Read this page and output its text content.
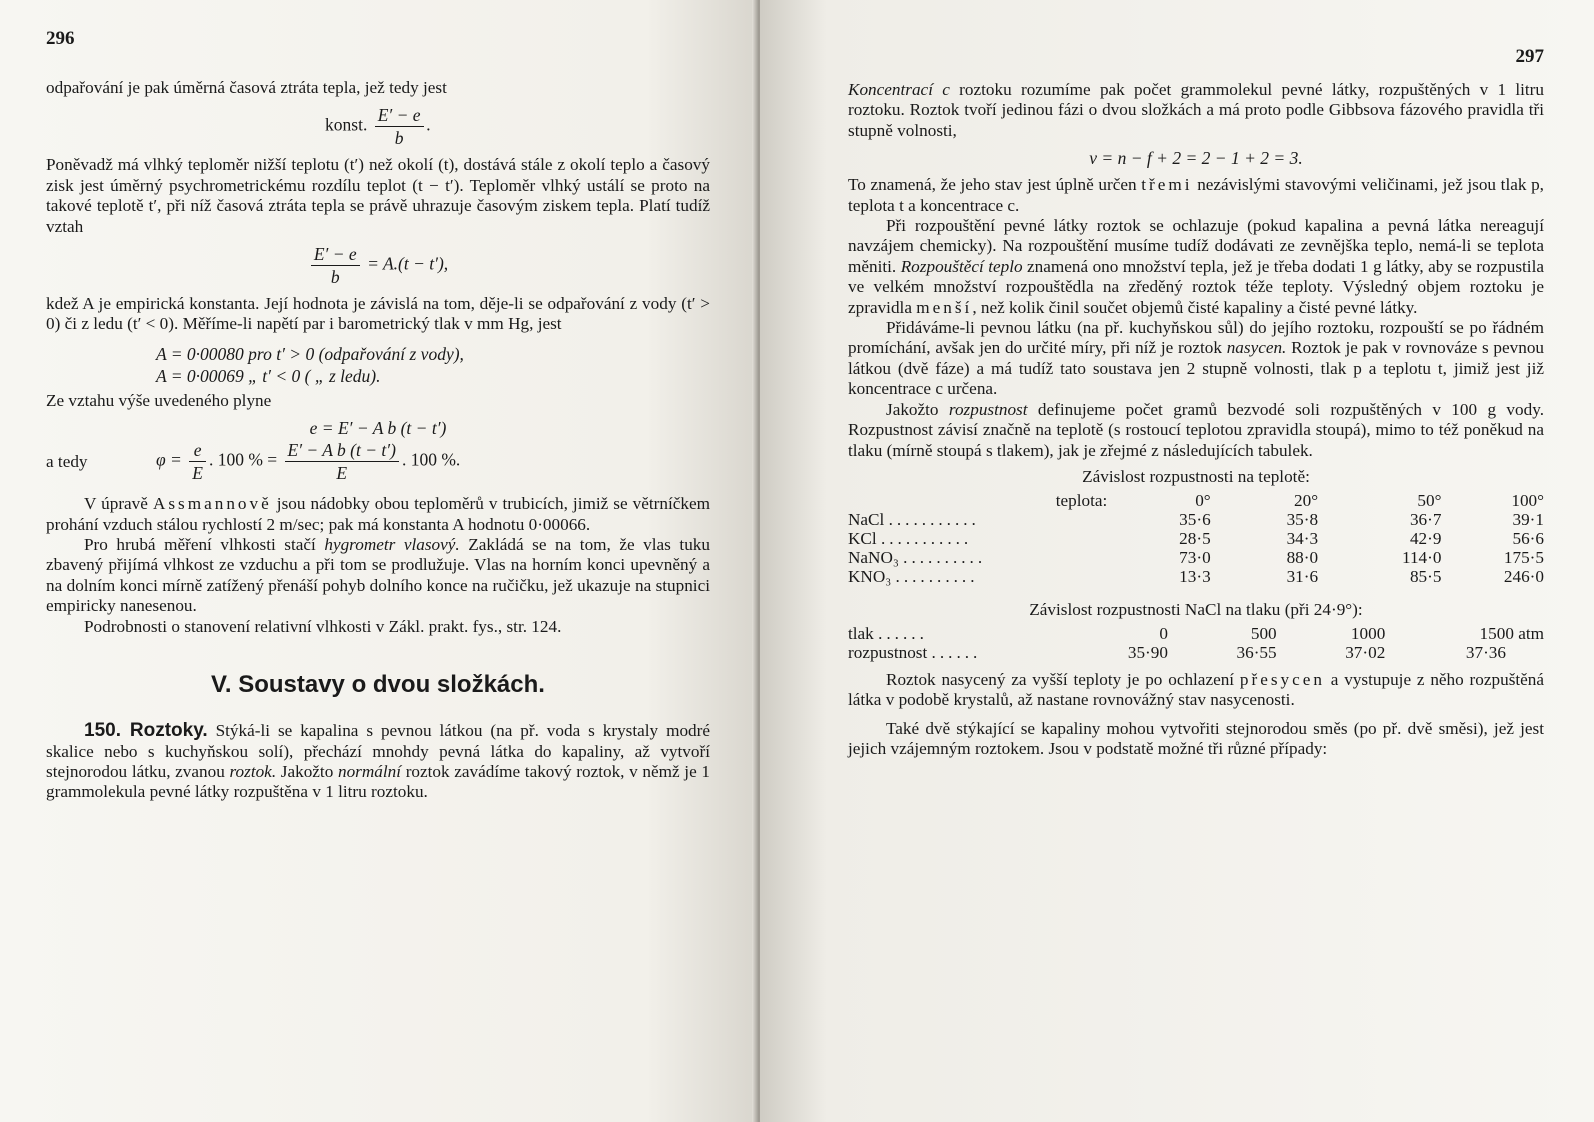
296

odpařování je pak úměrná časová ztráta tepla, jež tedy jest

konst. $\frac{E' - e}{b}$ .

Poněvadž má vlhký teploměr nižší teplotu (t′) než okolí (t), dostává stále z okolí teplo a časový zisk jest úměrný psychrometrickému rozdílu teplot (t − t′). Teploměr vlhký ustálí se proto na takové teplotě t′, při níž časová ztráta tepla se právě uhrazuje časovým ziskem tepla. Platí tudíž vztah

$\frac{E' - e}{b} = A.(t - t')$,

kdež A je empirická konstanta. Její hodnota je závislá na tom, děje-li se odpařování z vody (t′ > 0) či z ledu (t′ < 0). Měříme-li napětí par i barometrický tlak v mm Hg, jest

A = 0·00080 pro t′ > 0 (odpařování z vody),
A = 0·00069 „ t′ < 0 ( „ z ledu).

Ze vztahu výše uvedeného plyne

e = E′ − A b (t − t′)
a tedy	$\varphi = \frac{e}{E}$ . 100 % = $\frac{\text{E′ − A b (t − t′)}}{E}$ . 100 %.

V úpravě Assmannově jsou nádobky obou teploměrů v trubicích, jimiž se větrníčkem prohání vzduch stálou rychlostí 2 m/sec; pak má konstanta A hodnotu 0·00066.

Pro hrubá měření vlhkosti stačí hygrometr vlasový. Zakládá se na tom, že vlas tuku zbavený přijímá vlhkost ze vzduchu a při tom se prodlužuje. Vlas na horním konci upevněný a na dolním konci mírně zatížený přenáší pohyb dolního konce na ručičku, jež ukazuje na stupnici empiricky nanesenou.

Podrobnosti o stanovení relativní vlhkosti v Zákl. prakt. fys., str. 124.

V. Soustavy o dvou složkách.

150. Roztoky. Stýká-li se kapalina s pevnou látkou (na př. voda s krystaly modré skalice nebo s kuchyňskou solí), přechází mnohdy pevná látka do kapaliny, až vytvoří stejnorodou látku, zvanou roztok. Jakožto normální roztok zavádíme takový roztok, v němž je 1 grammolekula pevné látky rozpuštěna v 1 litru roztoku.

297

Koncentrací c roztoku rozumíme pak počet grammolekul pevné látky, rozpuštěných v 1 litru roztoku. Roztok tvoří jedinou fázi o dvou složkách a má proto podle Gibbsova fázového pravidla tři stupně volnosti,

v = n − f + 2 = 2 − 1 + 2 = 3.

To znamená, že jeho stav jest úplně určen třemi nezávislými stavovými veličinami, jež jsou tlak p, teplota t a koncentrace c.

Při rozpouštění pevné látky roztok se ochlazuje (pokud kapalina a pevná látka nereagují navzájem chemicky). Na rozpouštění musíme tudíž dodávati ze zevnějška teplo, nemá-li se teplota měniti. Rozpouštěcí teplo znamená ono množství tepla, jež je třeba dodati 1 g látky, aby se rozpustila ve velkém množství rozpouštědla na zředěný roztok téže teploty. Výsledný objem roztoku je zpravidla menší, než kolik činil součet objemů čisté kapaliny a čisté pevné látky.

Přidáváme-li pevnou látku (na př. kuchyňskou sůl) do jejího roztoku, rozpouští se po řádném promíchání, avšak jen do určité míry, při níž je roztok nasycen. Roztok je pak v rovnováze s pevnou látkou (dvě fáze) a má tudíž tato soustava jen 2 stupně volnosti, tlak p a teplotu t, jimiž jest již koncentrace c určena.

Jakožto rozpustnost definujeme počet gramů bezvodé soli rozpuštěných v 100 g vody. Rozpustnost závisí značně na teplotě (s rostoucí teplotou zpravidla stoupá), mimo to též poněkud na tlaku (mírně stoupá s tlakem), jak je zřejmé z následujících tabulek.

Závislost rozpustnosti na teplotě:
teplota:	0°	20°	50°	100°
NaCl ...........	35·6	35·8	36·7	39·1
KCl ...........	28·5	34·3	42·9	56·6
NaNO₃ ..........	73·0	88·0	114·0	175·5
KNO₃ ..........	13·3	31·6	85·5	246·0
Závislost rozpustnosti NaCl na tlaku (při 24·9°):
tlak ......	0	500	1000	1500 atm
rozpustnost ......	35·90	36·55	37·02	37·36

Roztok nasycený za vyšší teploty je po ochlazení přesycen a vystupuje z něho rozpuštěná látka v podobě krystalů, až nastane rovnovážný stav nasycenosti.

Také dvě stýkající se kapaliny mohou vytvořiti stejnorodou směs (po př. dvě směsi), jež jest jejich vzájemným roztokem. Jsou v podstatě možné tři různé případy:
